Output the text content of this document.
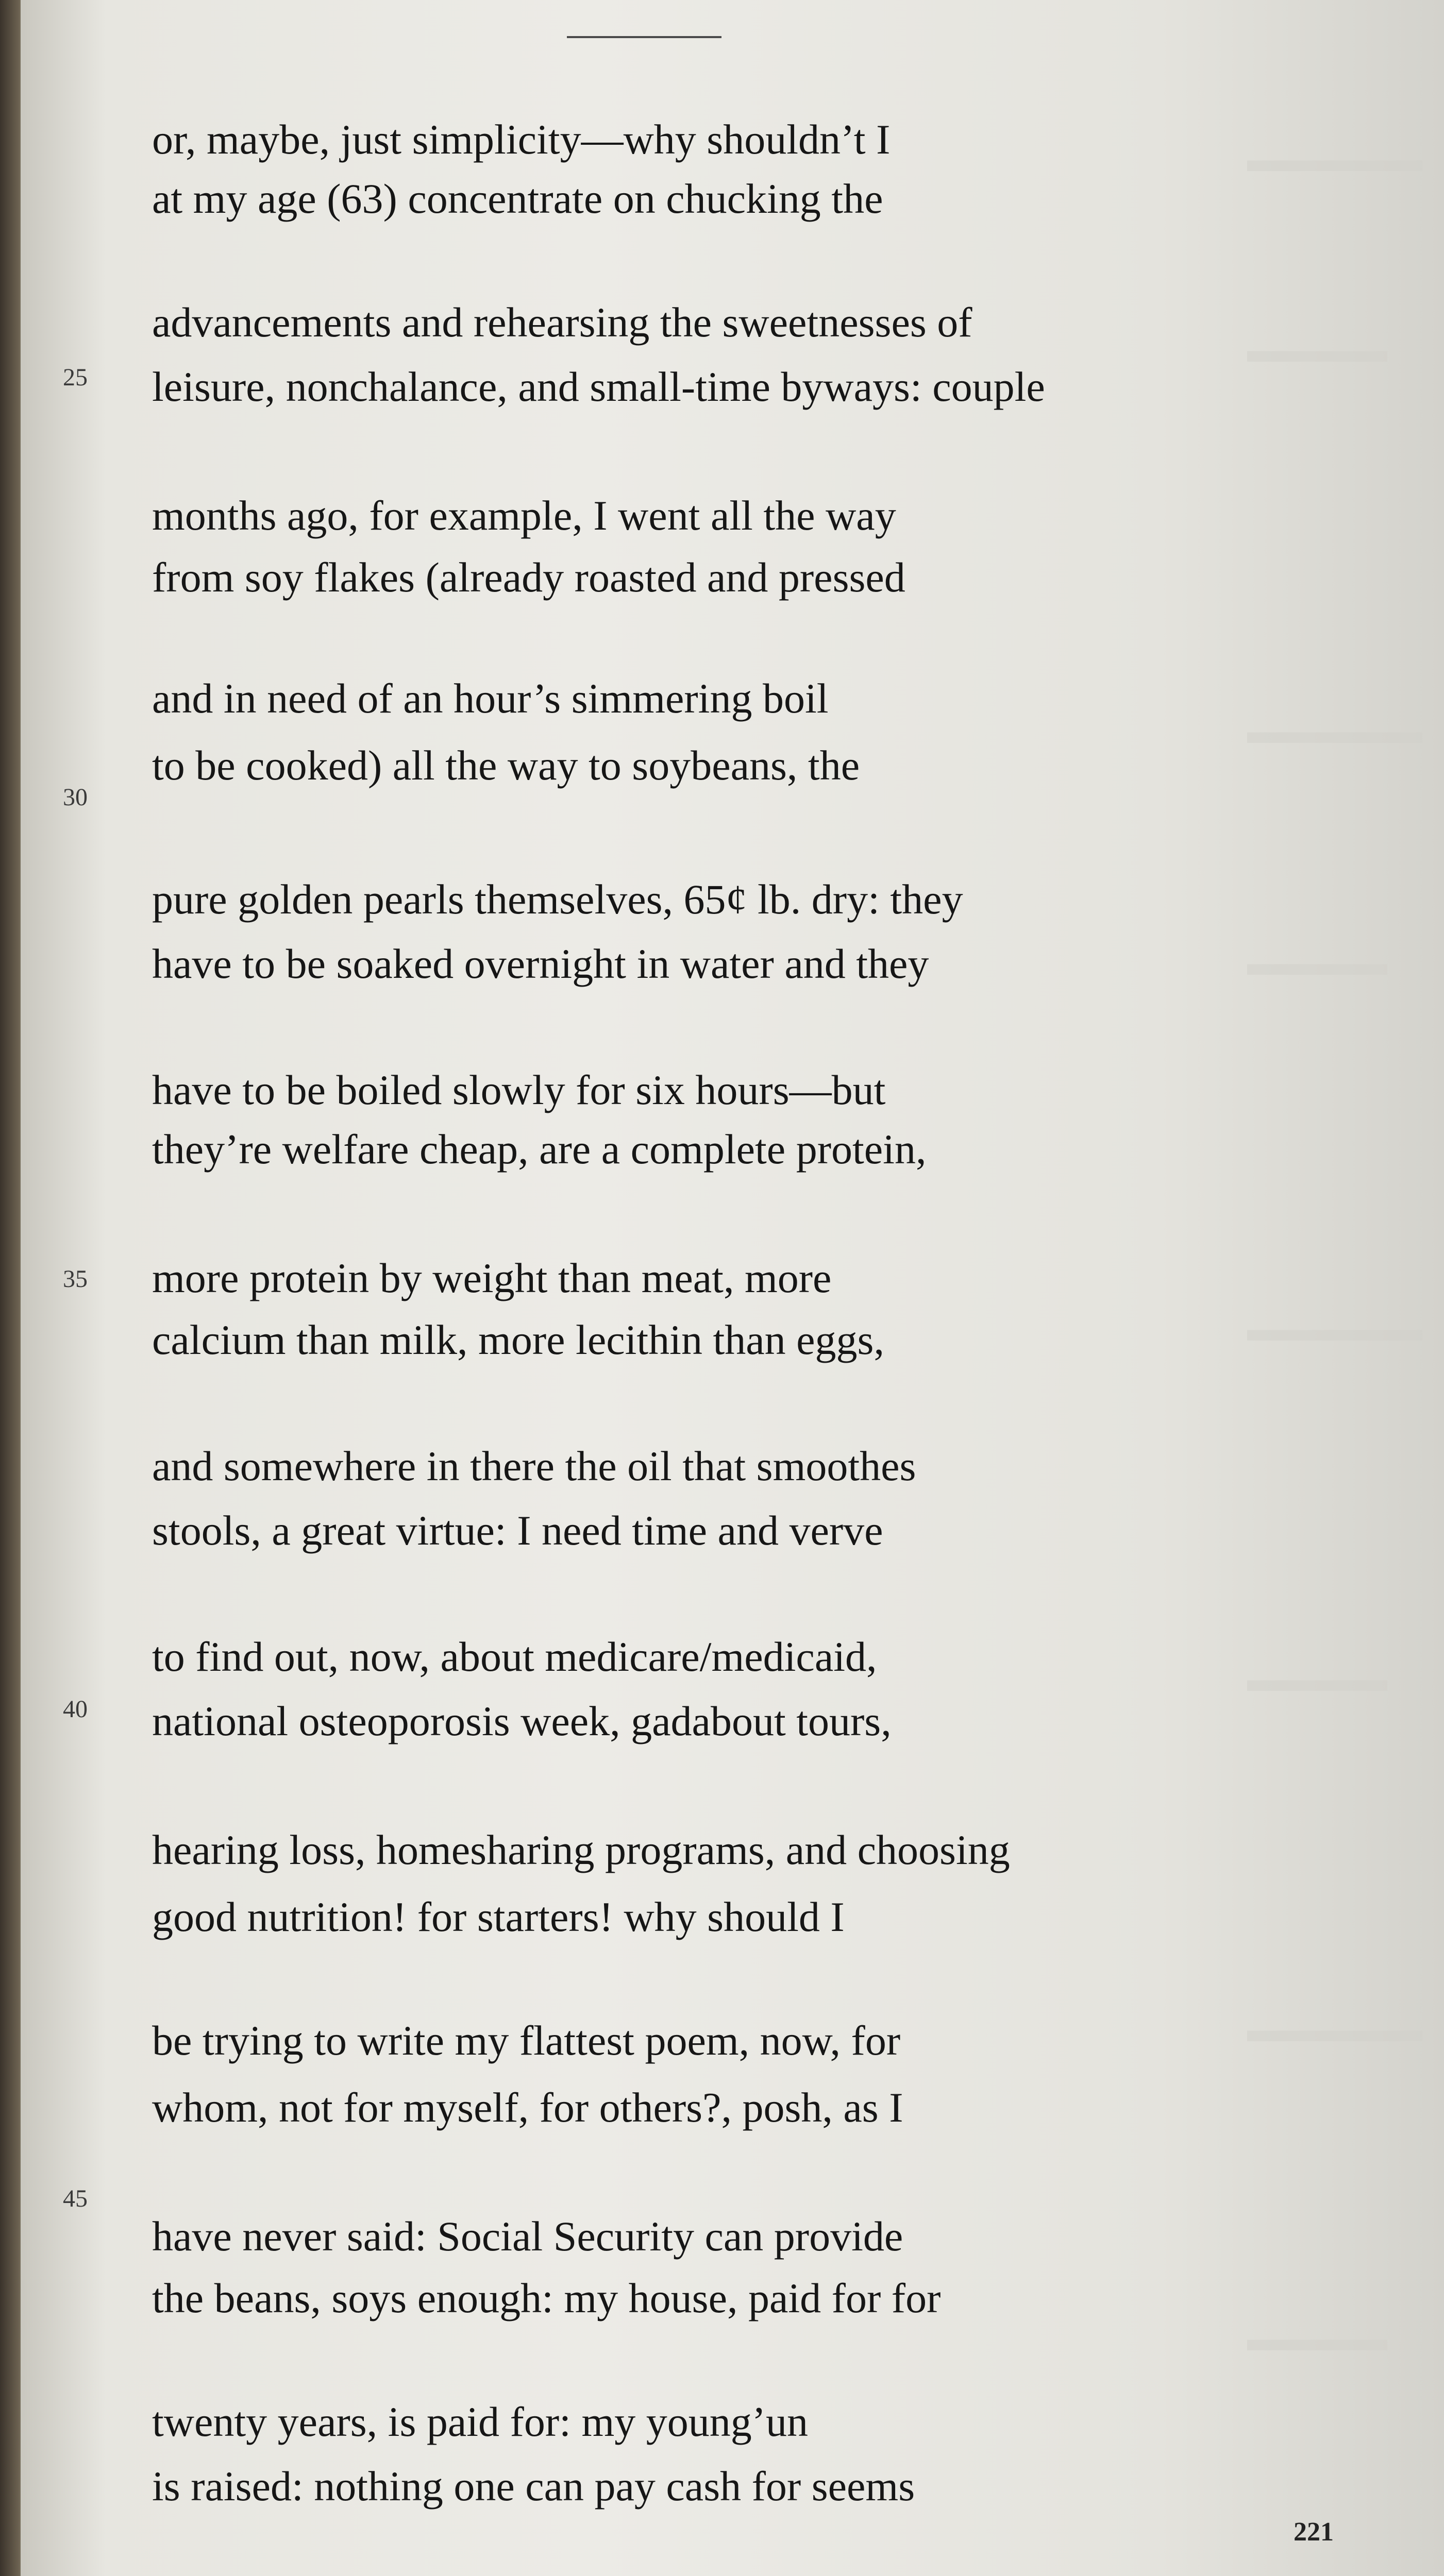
▬▬▬▬▬
▬▬▬▬
▬▬▬▬▬
▬▬▬▬
▬▬▬▬▬
▬▬▬▬
▬▬▬▬▬
▬▬▬▬
25
30
35
40
45
or, maybe, just simplicity—why shouldn’t I
at my age (63) concentrate on chucking the
advancements and rehearsing the sweetnesses of
leisure, nonchalance, and small-time byways: couple
months ago, for example, I went all the way
from soy flakes (already roasted and pressed
and in need of an hour’s simmering boil
to be cooked) all the way to soybeans, the
pure golden pearls themselves, 65¢ lb. dry: they
have to be soaked overnight in water and they
have to be boiled slowly for six hours—but
they’re welfare cheap, are a complete protein,
more protein by weight than meat, more
calcium than milk, more lecithin than eggs,
and somewhere in there the oil that smoothes
stools, a great virtue: I need time and verve
to find out, now, about medicare/medicaid,
national osteoporosis week, gadabout tours,
hearing loss, homesharing programs, and choosing
good nutrition! for starters! why should I
be trying to write my flattest poem, now, for
whom, not for myself, for others?, posh, as I
have never said: Social Security can provide
the beans, soys enough: my house, paid for for
twenty years, is paid for: my young’un
is raised: nothing one can pay cash for seems
221
